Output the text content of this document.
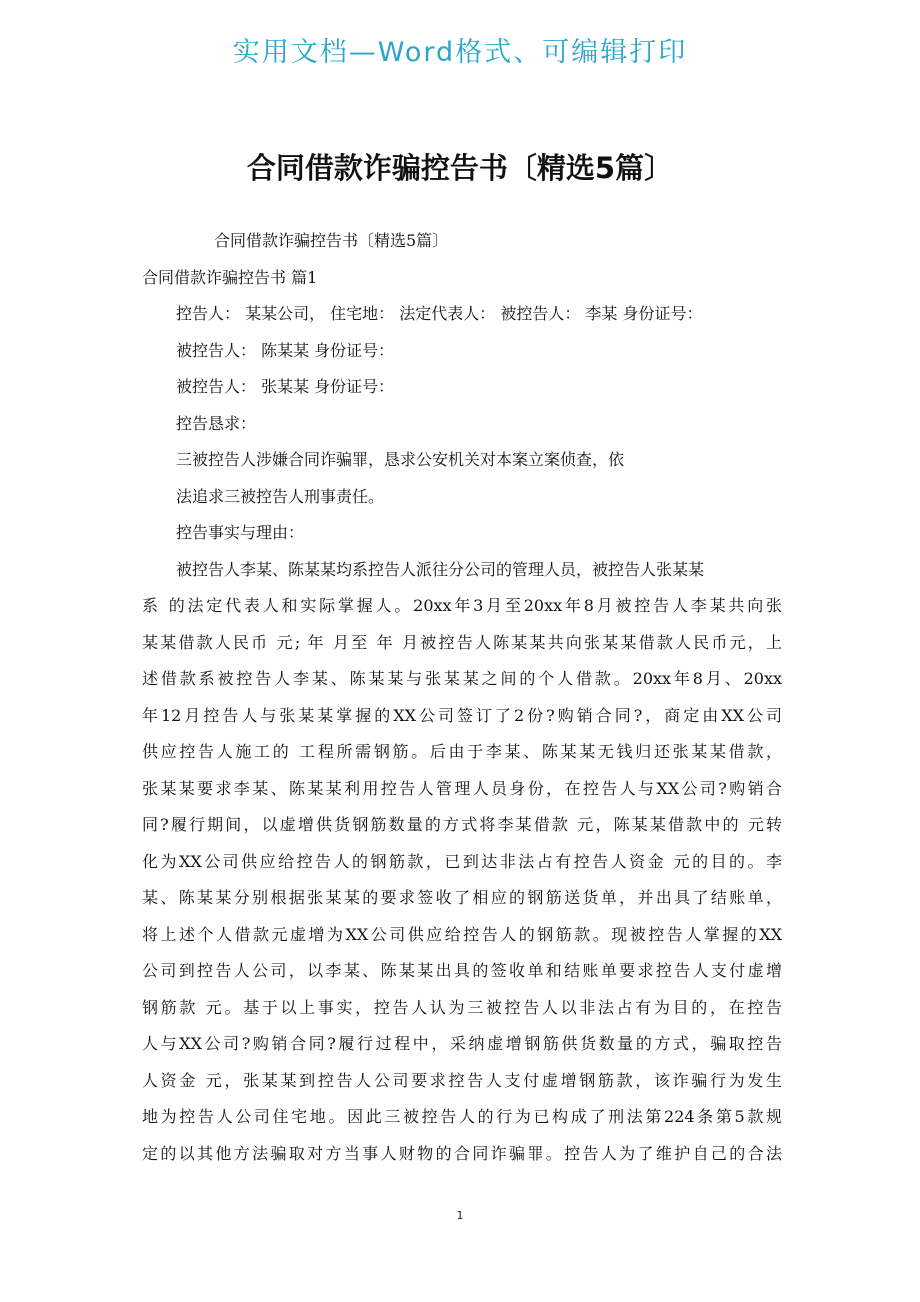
实用文档—Word格式、可编辑打印
合同借款诈骗控告书〔精选5篇〕
合同借款诈骗控告书〔精选5篇〕
合同借款诈骗控告书 篇1
控告人： 某某公司， 住宅地： 法定代表人： 被控告人： 李某 身份证号：
被控告人： 陈某某 身份证号：
被控告人： 张某某 身份证号：
控告恳求：
三被控告人涉嫌合同诈骗罪，恳求公安机关对本案立案侦查，依
法追求三被控告人刑事责任。
控告事实与理由：
被控告人李某、陈某某均系控告人派往分公司的管理人员，被控告人张某某
系 的法定代表人和实际掌握人。20xx年3月至20xx年8月被控告人李某共向张
某某借款人民币 元; 年 月至 年 月被控告人陈某某共向张某某借款人民币元，上
述借款系被控告人李某、陈某某与张某某之间的个人借款。20xx年8月、20xx
年12月控告人与张某某掌握的XX公司签订了2份?购销合同?，商定由XX公司
供应控告人施工的 工程所需钢筋。后由于李某、陈某某无钱归还张某某借款，
张某某要求李某、陈某某利用控告人管理人员身份，在控告人与XX公司?购销合
同?履行期间，以虚增供货钢筋数量的方式将李某借款 元，陈某某借款中的 元转
化为XX公司供应给控告人的钢筋款，已到达非法占有控告人资金 元的目的。李
某、陈某某分别根据张某某的要求签收了相应的钢筋送货单，并出具了结账单，
将上述个人借款元虚增为XX公司供应给控告人的钢筋款。现被控告人掌握的XX
公司到控告人公司，以李某、陈某某出具的签收单和结账单要求控告人支付虚增
钢筋款 元。基于以上事实，控告人认为三被控告人以非法占有为目的，在控告
人与XX公司?购销合同?履行过程中，采纳虚增钢筋供货数量的方式，骗取控告
人资金 元，张某某到控告人公司要求控告人支付虚增钢筋款，该诈骗行为发生
地为控告人公司住宅地。因此三被控告人的行为已构成了刑法第224条第5款规
定的以其他方法骗取对方当事人财物的合同诈骗罪。控告人为了维护自己的合法
1
